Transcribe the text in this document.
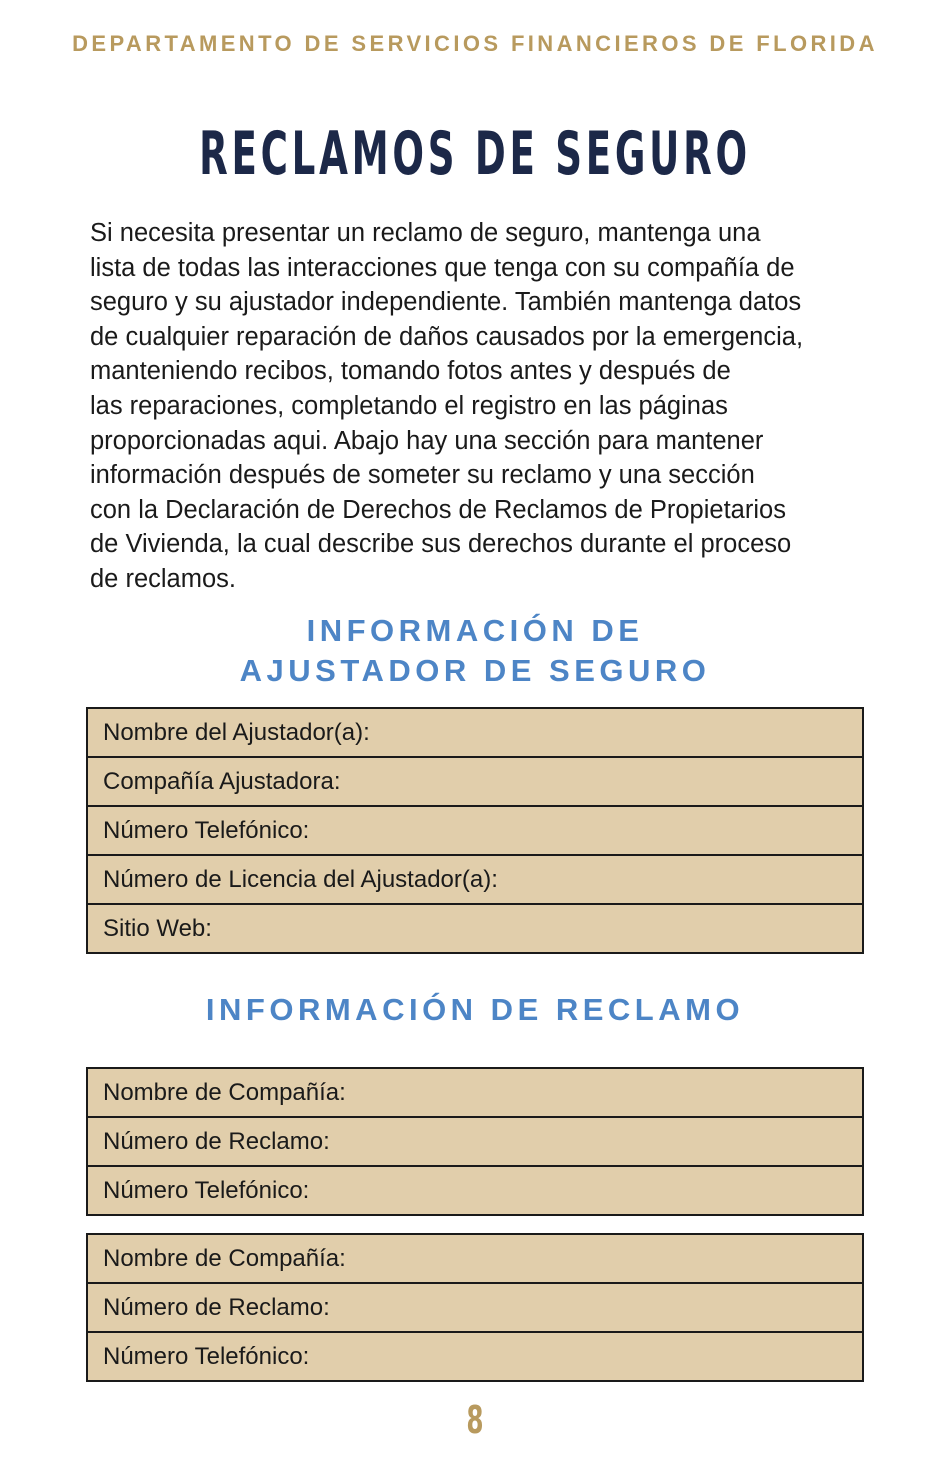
DEPARTAMENTO DE SERVICIOS FINANCIEROS DE FLORIDA
RECLAMOS DE SEGURO

Si necesita presentar un reclamo de seguro, mantenga una
lista de todas las interacciones que tenga con su compañía de
seguro y su ajustador independiente. También mantenga datos
de cualquier reparación de daños causados por la emergencia,
manteniendo recibos, tomando fotos antes y después de
las reparaciones, completando el registro en las páginas
proporcionadas aqui. Abajo hay una sección para mantener
información después de someter su reclamo y una sección
con la Declaración de Derechos de Reclamos de Propietarios
de Vivienda, la cual describe sus derechos durante el proceso
de reclamos.

INFORMACIÓN DE
AJUSTADOR DE SEGURO
Nombre del Ajustador(a):
Compañía Ajustadora:
Número Telefónico:
Número de Licencia del Ajustador(a):
Sitio Web:
INFORMACIÓN DE RECLAMO
Nombre de Compañía:
Número de Reclamo:
Número Telefónico:
Nombre de Compañía:
Número de Reclamo:
Número Telefónico:
8
